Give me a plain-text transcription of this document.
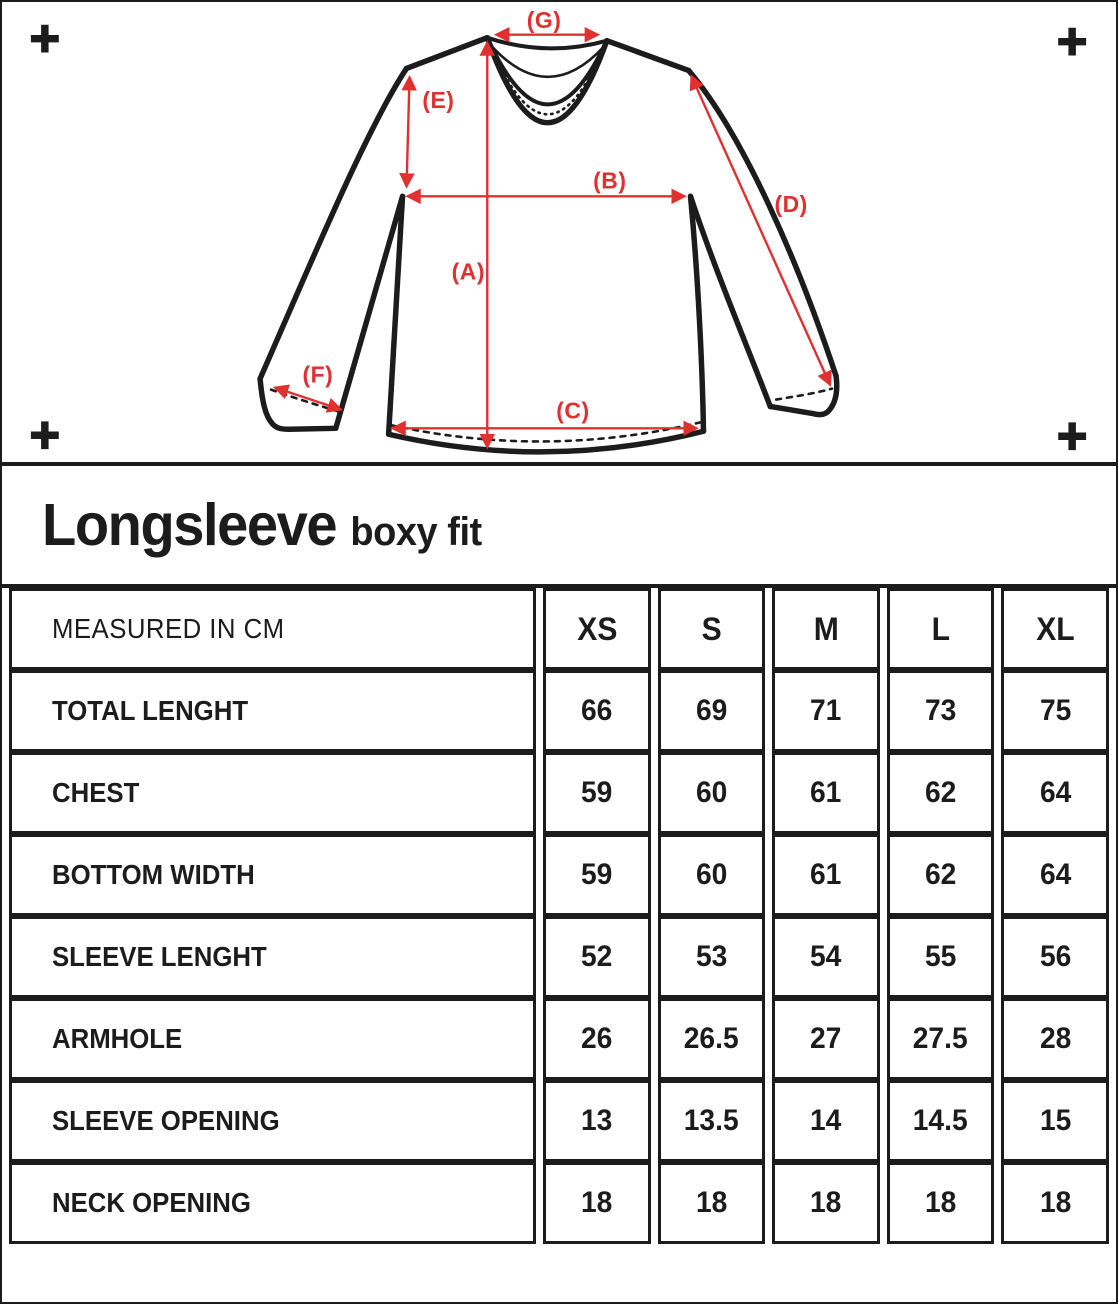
(G)
(E)
(B)
(A)
(D)
(F)
(C)
Longsleeve boxy fit
MEASURED IN CM	XS	S	M	L	XL
TOTAL LENGHT	66	69	71	73	75
CHEST	59	60	61	62	64
BOTTOM WIDTH	59	60	61	62	64
SLEEVE LENGHT	52	53	54	55	56
ARMHOLE	26	26.5	27	27.5	28
SLEEVE OPENING	13	13.5	14	14.5	15
NECK OPENING	18	18	18	18	18
